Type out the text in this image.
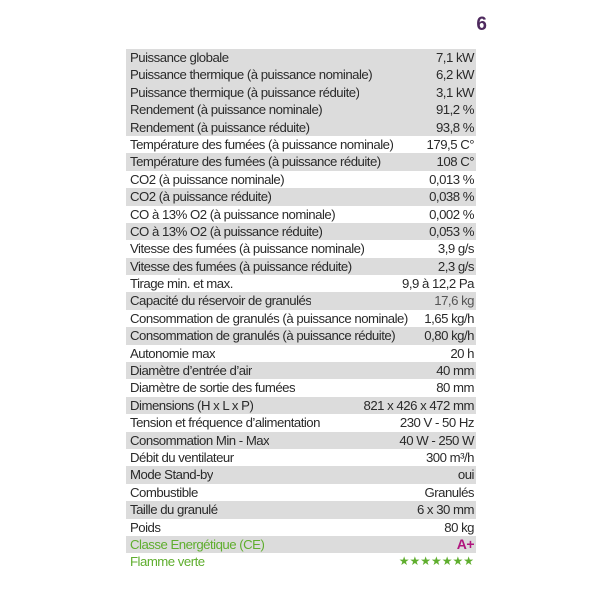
6
Puissance globale	7,1 kW
Puissance thermique (à puissance nominale)	6,2 kW
Puissance thermique (à puissance réduite)	3,1 kW
Rendement (à puissance nominale)	91,2 %
Rendement (à puissance réduite)	93,8 %
Température des fumées (à puissance nominale)	179,5 C°
Température des fumées (à puissance réduite)	108 C°
CO2 (à puissance nominale)	0,013 %
CO2 (à puissance réduite)	0,038 %
CO à 13% O2 (à puissance nominale)	0,002 %
CO à 13% O2 (à puissance réduite)	0,053 %
Vitesse des fumées (à puissance nominale)	3,9 g/s
Vitesse des fumées (à puissance réduite)	2,3 g/s
Tirage min. et max.	9,9 à 12,2 Pa
Capacité du réservoir de granulés	17,6 kg
Consommation de granulés (à puissance nominale) 1,65 kg/h
Consommation de granulés (à puissance réduite) 0,80 kg/h
Autonomie max	20 h
Diamètre d’entrée d’air	40 mm
Diamètre de sortie des fumées	80 mm
Dimensions (H x L x P)	821 x 426 x 472 mm
Tension et fréquence d’alimentation	230 V - 50 Hz
Consommation Min - Max	40 W - 250 W
Débit du ventilateur	300 m³/h
Mode Stand-by	oui
Combustible	Granulés
Taille du granulé	6 x 30 mm
Poids	80 kg
Classe Energétique (CE)	A+
Flamme verte	★★★★★★★
